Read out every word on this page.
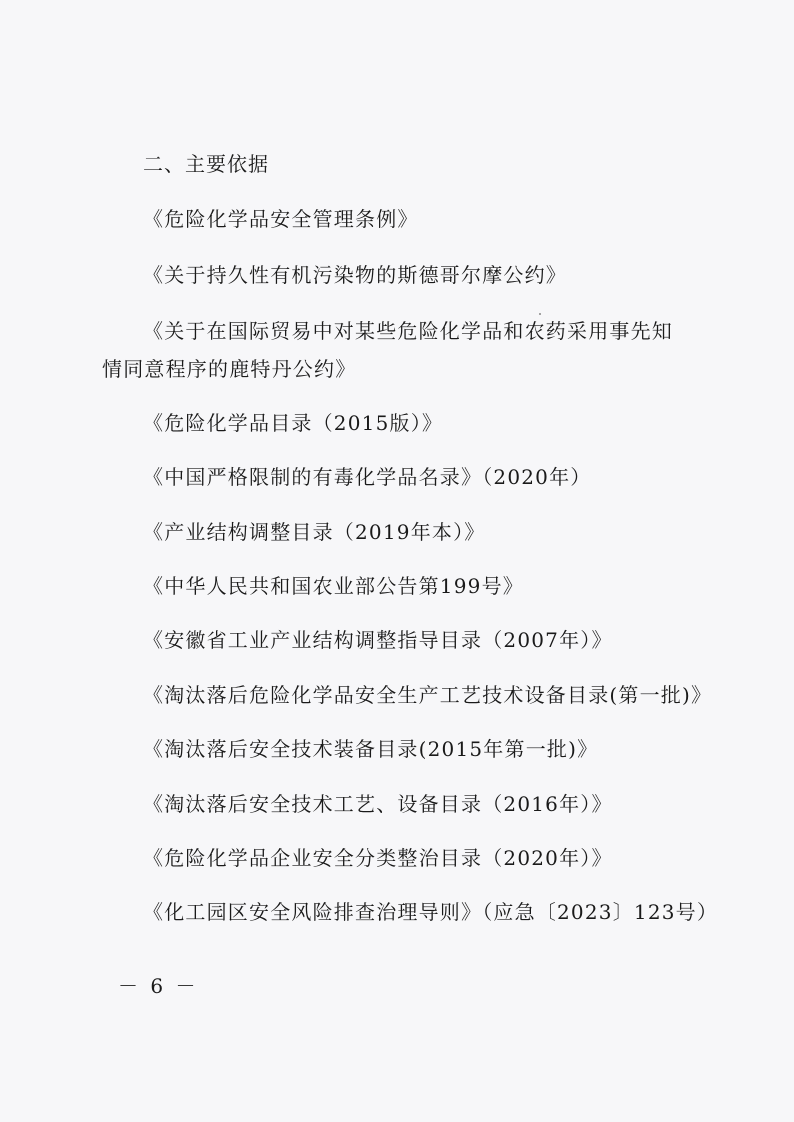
二、主要依据
《危险化学品安全管理条例》
《关于持久性有机污染物的斯德哥尔摩公约》
《关于在国际贸易中对某些危险化学品和农药采用事先知
情同意程序的鹿特丹公约》
《危险化学品目录（2015版）》
《中国严格限制的有毒化学品名录》（2020年）
《产业结构调整目录（2019年本）》
《中华人民共和国农业部公告第199号》
《安徽省工业产业结构调整指导目录（2007年）》
《淘汰落后危险化学品安全生产工艺技术设备目录(第一批)》
《淘汰落后安全技术装备目录(2015年第一批)》
《淘汰落后安全技术工艺、设备目录（2016年）》
《危险化学品企业安全分类整治目录（2020年）》
《化工园区安全风险排查治理导则》（应急〔2023〕123号）
－ 6 －
